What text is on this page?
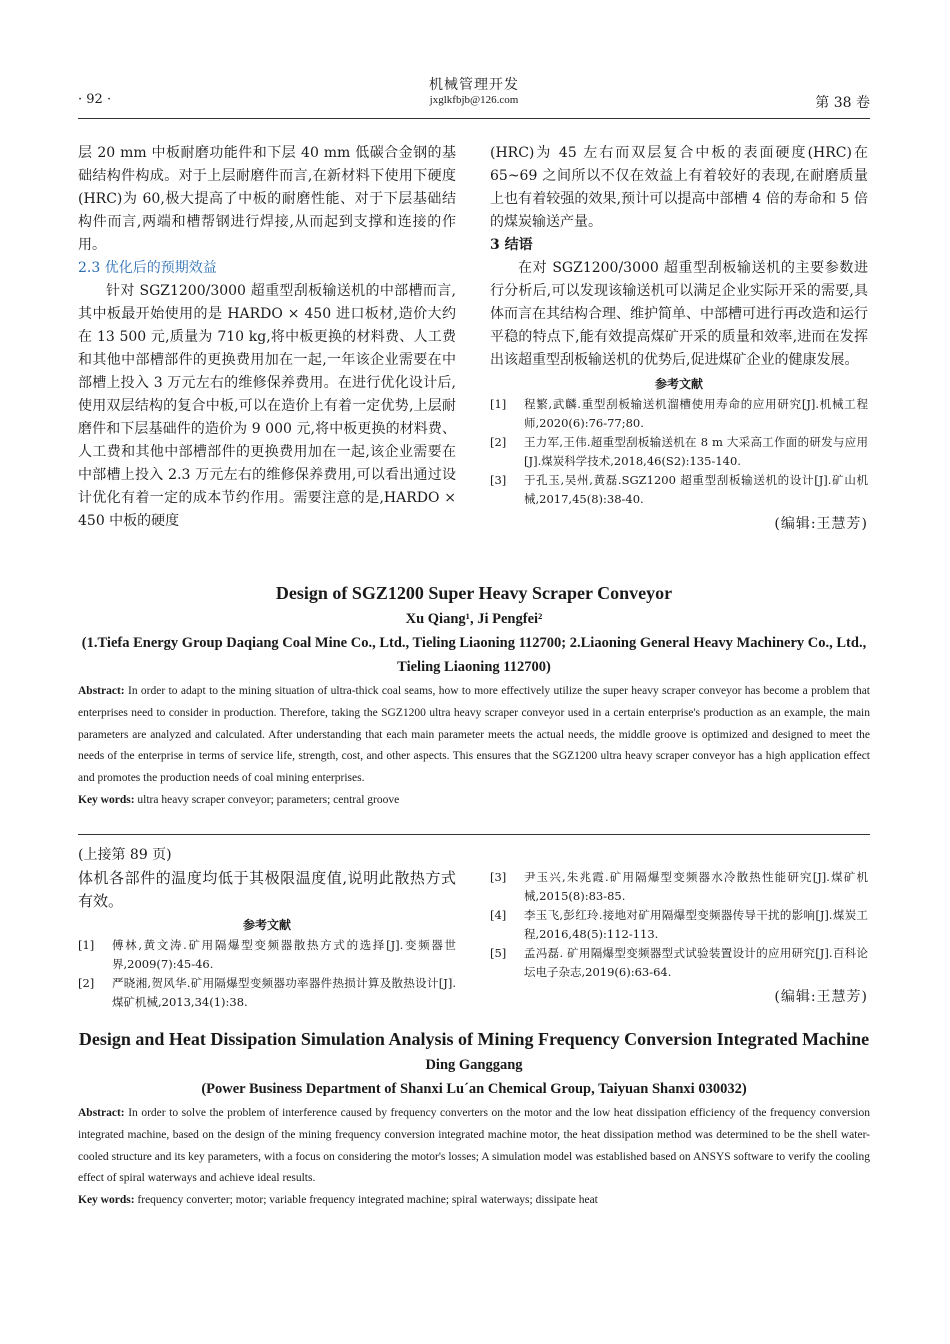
· 92 ·
机械管理开发
jxglkfbjb@126.com	第 38 卷

层 20 mm 中板耐磨功能件和下层 40 mm 低碳合金钢的基础结构件构成。对于上层耐磨件而言,在新材料下使用下硬度(HRC)为 60,极大提高了中板的耐磨性能、对于下层基础结构件而言,两端和槽帮钢进行焊接,从而起到支撑和连接的作用。

2.3 优化后的预期效益

针对 SGZ1200/3000 超重型刮板输送机的中部槽而言, 其中板最开始使用的是 HARDO × 450 进口板材,造价大约在 13 500 元,质量为 710 kg,将中板更换的材料费、人工费和其他中部槽部件的更换费用加在一起,一年该企业需要在中部槽上投入 3 万元左右的维修保养费用。在进行优化设计后,使用双层结构的复合中板,可以在造价上有着一定优势,上层耐磨件和下层基础件的造价为 9 000 元,将中板更换的材料费、人工费和其他中部槽部件的更换费用加在一起,该企业需要在中部槽上投入 2.3 万元左右的维修保养费用,可以看出通过设计优化有着一定的成本节约作用。需要注意的是,HARDO × 450 中板的硬度

(HRC)为 45 左右而双层复合中板的表面硬度(HRC)在 65~69 之间所以不仅在效益上有着较好的表现,在耐磨质量上也有着较强的效果,预计可以提高中部槽 4 倍的寿命和 5 倍的煤炭输送产量。

3 结语

在对 SGZ1200/3000 超重型刮板输送机的主要参数进行分析后,可以发现该输送机可以满足企业实际开采的需要,具体而言在其结构合理、维护简单、中部槽可进行再改造和运行平稳的特点下,能有效提高煤矿开采的质量和效率,进而在发挥出该超重型刮板输送机的优势后,促进煤矿企业的健康发展。

参考文献
[1]	程繁,武麟.重型刮板输送机溜槽使用寿命的应用研究[J].机械工程师,2020(6):76-77;80.
[2]	王力军,王伟.超重型刮板输送机在 8 m 大采高工作面的研发与应用[J].煤炭科学技术,2018,46(S2):135-140.
[3]	于孔玉,吴州,黄磊.SGZ1200 超重型刮板输送机的设计[J].矿山机械,2017,45(8):38-40.
(编辑:王慧芳)
Design of SGZ1200 Super Heavy Scraper Conveyor
Xu Qiang¹, Ji Pengfei²
(1.Tiefa Energy Group Daqiang Coal Mine Co., Ltd., Tieling Liaoning 112700; 2.Liaoning General Heavy Machinery Co., Ltd., Tieling Liaoning 112700)
Abstract: In order to adapt to the mining situation of ultra-thick coal seams, how to more effectively utilize the super heavy scraper conveyor has become a problem that enterprises need to consider in production. Therefore, taking the SGZ1200 ultra heavy scraper conveyor used in a certain enterprise's production as an example, the main parameters are analyzed and calculated. After understanding that each main parameter meets the actual needs, the middle groove is optimized and designed to meet the needs of the enterprise in terms of service life, strength, cost, and other aspects. This ensures that the SGZ1200 ultra heavy scraper conveyor has a high application effect and promotes the production needs of coal mining enterprises.
Key words: ultra heavy scraper conveyor; parameters; central groove

(上接第 89 页)

体机各部件的温度均低于其极限温度值,说明此散热方式有效。

参考文献
[1]	傅林,黄文涛.矿用隔爆型变频器散热方式的选择[J].变频器世界,2009(7):45-46.
[2]	严晓湘,贺风华.矿用隔爆型变频器功率器件热损计算及散热设计[J].煤矿机械,2013,34(1):38.
[3]	尹玉兴,朱兆霞.矿用隔爆型变频器水冷散热性能研究[J].煤矿机械,2015(8):83-85.
[4]	李玉飞,彭红玲.接地对矿用隔爆型变频器传导干扰的影响[J].煤炭工程,2016,48(5):112-113.
[5]	孟冯磊. 矿用隔爆型变频器型式试验装置设计的应用研究[J].百科论坛电子杂志,2019(6):63-64.
(编辑:王慧芳)
Design and Heat Dissipation Simulation Analysis of Mining Frequency Conversion Integrated Machine
Ding Ganggang
(Power Business Department of Shanxi Lu´an Chemical Group, Taiyuan Shanxi 030032)
Abstract: In order to solve the problem of interference caused by frequency converters on the motor and the low heat dissipation efficiency of the frequency conversion integrated machine, based on the design of the mining frequency conversion integrated machine motor, the heat dissipation method was determined to be the shell water-cooled structure and its key parameters, with a focus on considering the motor's losses; A simulation model was established based on ANSYS software to verify the cooling effect of spiral waterways and achieve ideal results.
Key words: frequency converter; motor; variable frequency integrated machine; spiral waterways; dissipate heat
